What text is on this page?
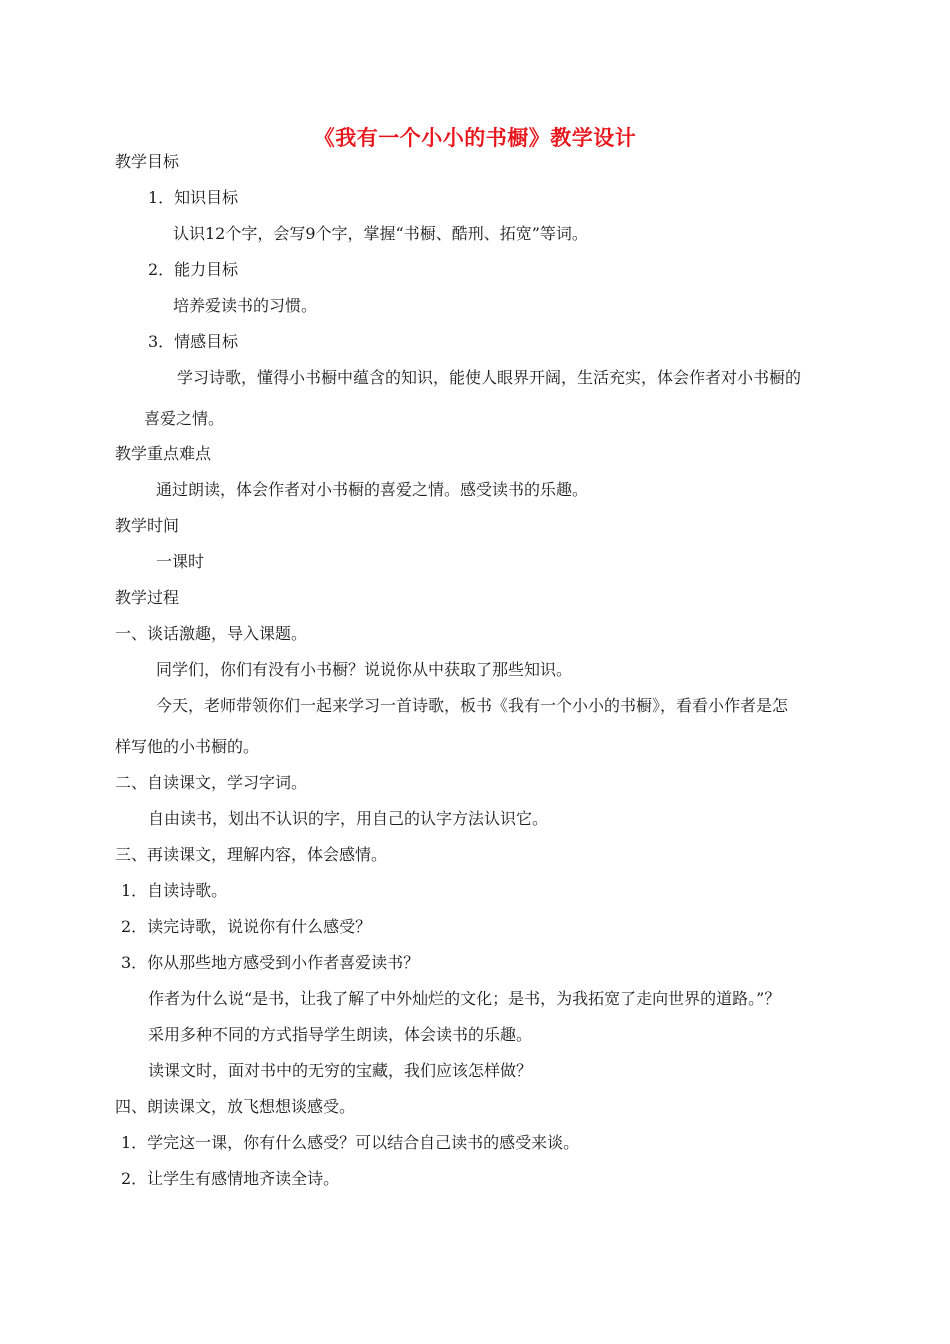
《我有一个小小的书橱》教学设计
教学目标
1．知识目标
认识12个字，会写9个字，掌握“书橱、酷刑、拓宽”等词。
2．能力目标
培养爱读书的习惯。
3．情感目标
学习诗歌，懂得小书橱中蕴含的知识，能使人眼界开阔，生活充实，体会作者对小书橱的
喜爱之情。
教学重点难点
通过朗读，体会作者对小书橱的喜爱之情。感受读书的乐趣。
教学时间
一课时
教学过程
一、谈话激趣，导入课题。
同学们，你们有没有小书橱？说说你从中获取了那些知识。
今天，老师带领你们一起来学习一首诗歌，板书《我有一个小小的书橱》，看看小作者是怎
样写他的小书橱的。
二、自读课文，学习字词。
自由读书，划出不认识的字，用自己的认字方法认识它。
三、再读课文，理解内容，体会感情。
1．自读诗歌。
2．读完诗歌，说说你有什么感受？
3．你从那些地方感受到小作者喜爱读书？
作者为什么说“是书，让我了解了中外灿烂的文化；是书，为我拓宽了走向世界的道路。”？
采用多种不同的方式指导学生朗读，体会读书的乐趣。
读课文时，面对书中的无穷的宝藏，我们应该怎样做？
四、朗读课文，放飞想想谈感受。
1．学完这一课，你有什么感受？可以结合自己读书的感受来谈。
2．让学生有感情地齐读全诗。
